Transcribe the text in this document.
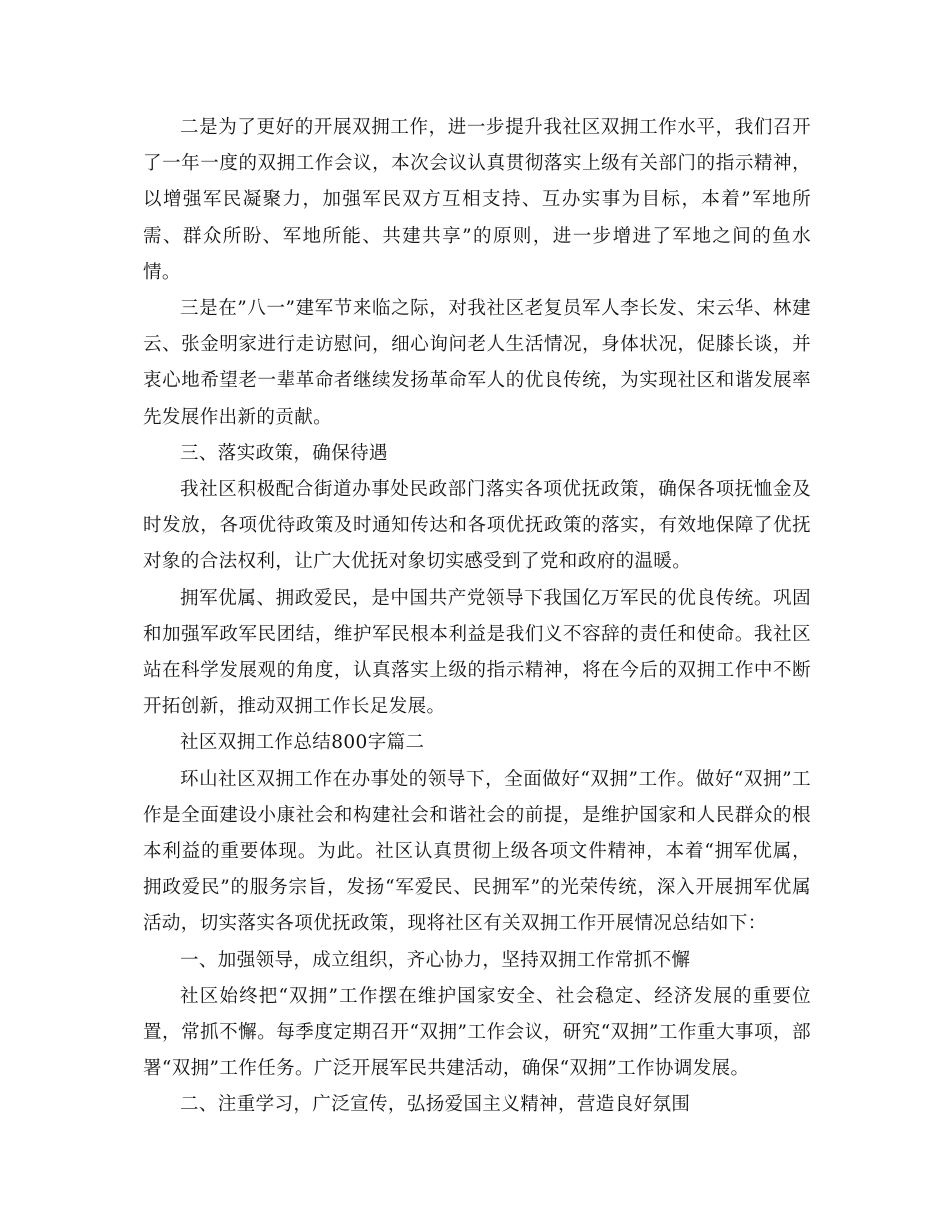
二是为了更好的开展双拥工作，进一步提升我社区双拥工作水平，我们召开了一年一度的双拥工作会议，本次会议认真贯彻落实上级有关部门的指示精神，以增强军民凝聚力，加强军民双方互相支持、互办实事为目标，本着”军地所需、群众所盼、军地所能、共建共享”的原则，进一步增进了军地之间的鱼水情。

三是在”八一”建军节来临之际，对我社区老复员军人李长发、宋云华、林建云、张金明家进行走访慰问，细心询问老人生活情况，身体状况，促膝长谈，并衷心地希望老一辈革命者继续发扬革命军人的优良传统，为实现社区和谐发展率先发展作出新的贡献。

三、落实政策，确保待遇

我社区积极配合街道办事处民政部门落实各项优抚政策，确保各项抚恤金及时发放，各项优待政策及时通知传达和各项优抚政策的落实，有效地保障了优抚对象的合法权利，让广大优抚对象切实感受到了党和政府的温暖。

拥军优属、拥政爱民，是中国共产党领导下我国亿万军民的优良传统。巩固和加强军政军民团结，维护军民根本利益是我们义不容辞的责任和使命。我社区站在科学发展观的角度，认真落实上级的指示精神，将在今后的双拥工作中不断开拓创新，推动双拥工作长足发展。

社区双拥工作总结800字篇二

环山社区双拥工作在办事处的领导下，全面做好“双拥”工作。做好“双拥”工作是全面建设小康社会和构建社会和谐社会的前提，是维护国家和人民群众的根本利益的重要体现。为此。社区认真贯彻上级各项文件精神，本着“拥军优属，拥政爱民”的服务宗旨，发扬“军爱民、民拥军”的光荣传统，深入开展拥军优属活动，切实落实各项优抚政策，现将社区有关双拥工作开展情况总结如下：

一、加强领导，成立组织，齐心协力，坚持双拥工作常抓不懈

社区始终把“双拥”工作摆在维护国家安全、社会稳定、经济发展的重要位置，常抓不懈。每季度定期召开“双拥”工作会议，研究“双拥”工作重大事项，部署“双拥”工作任务。广泛开展军民共建活动，确保“双拥”工作协调发展。

二、注重学习，广泛宣传，弘扬爱国主义精神，营造良好氛围
